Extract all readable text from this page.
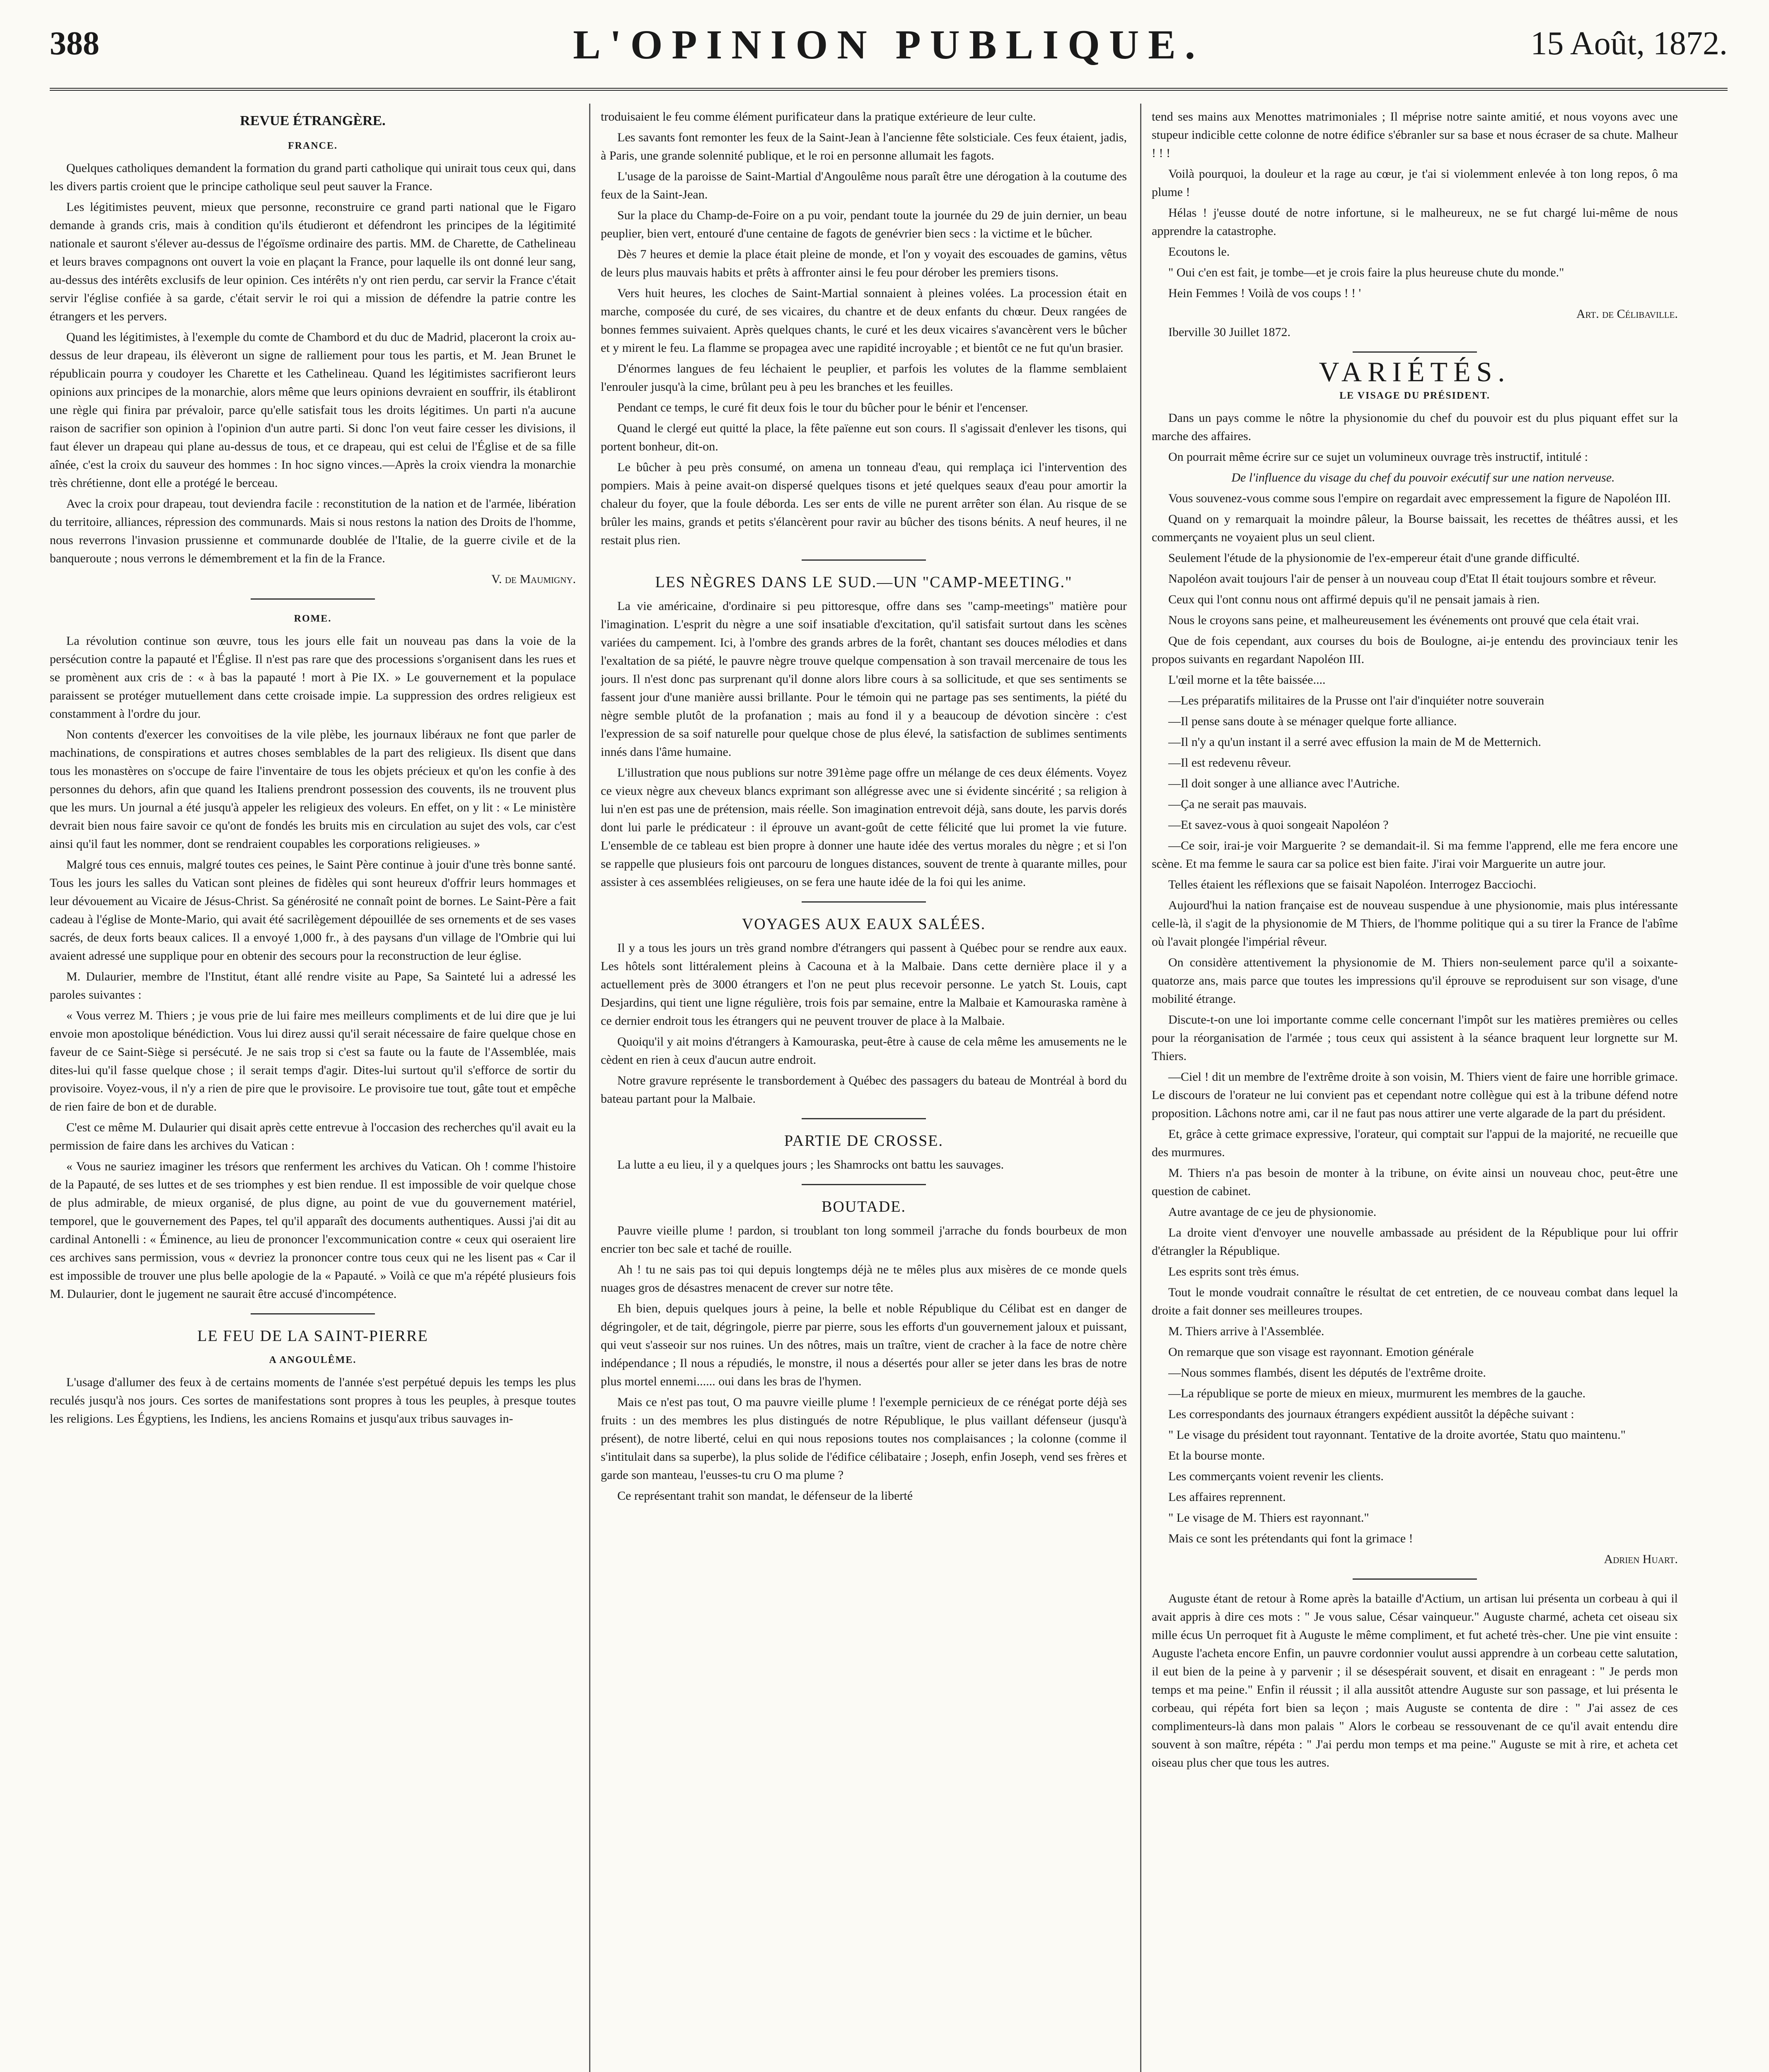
388	L'OPINION PUBLIQUE.	15 Août, 1872.
REVUE ÉTRANGÈRE.
FRANCE.

Quelques catholiques demandent la formation du grand parti catholique qui unirait tous ceux qui, dans les divers partis croient que le principe catholique seul peut sauver la France.

Les légitimistes peuvent, mieux que personne, reconstruire ce grand parti national que le Figaro demande à grands cris, mais à condition qu'ils étudieront et défendront les principes de la légitimité nationale et sauront s'élever au-dessus de l'égoïsme ordinaire des partis. MM. de Charette, de Cathelineau et leurs braves compagnons ont ouvert la voie en plaçant la France, pour laquelle ils ont donné leur sang, au-dessus des intérêts exclusifs de leur opinion. Ces intérêts n'y ont rien perdu, car servir la France c'était servir l'église confiée à sa garde, c'était servir le roi qui a mission de défendre la patrie contre les étrangers et les pervers.

Quand les légitimistes, à l'exemple du comte de Chambord et du duc de Madrid, placeront la croix au-dessus de leur drapeau, ils élèveront un signe de ralliement pour tous les partis, et M. Jean Brunet le républicain pourra y coudoyer les Charette et les Cathelineau. Quand les légitimistes sacrifieront leurs opinions aux principes de la monarchie, alors même que leurs opinions devraient en souffrir, ils établiront une règle qui finira par prévaloir, parce qu'elle satisfait tous les droits légitimes. Un parti n'a aucune raison de sacrifier son opinion à l'opinion d'un autre parti. Si donc l'on veut faire cesser les divisions, il faut élever un drapeau qui plane au-dessus de tous, et ce drapeau, qui est celui de l'Église et de sa fille aînée, c'est la croix du sauveur des hommes : In hoc signo vinces.—Après la croix viendra la monarchie très chrétienne, dont elle a protégé le berceau.

Avec la croix pour drapeau, tout deviendra facile : reconstitution de la nation et de l'armée, libération du territoire, alliances, répression des communards. Mais si nous restons la nation des Droits de l'homme, nous reverrons l'invasion prussienne et communarde doublée de l'Italie, de la guerre civile et de la banqueroute ; nous verrons le démembrement et la fin de la France.

V. de Maumigny.
ROME.

La révolution continue son œuvre, tous les jours elle fait un nouveau pas dans la voie de la persécution contre la papauté et l'Église. Il n'est pas rare que des processions s'organisent dans les rues et se promènent aux cris de : « à bas la papauté ! mort à Pie IX. » Le gouvernement et la populace paraissent se protéger mutuellement dans cette croisade impie. La suppression des ordres religieux est constamment à l'ordre du jour.

Non contents d'exercer les convoitises de la vile plèbe, les journaux libéraux ne font que parler de machinations, de conspirations et autres choses semblables de la part des religieux. Ils disent que dans tous les monastères on s'occupe de faire l'inventaire de tous les objets précieux et qu'on les confie à des personnes du dehors, afin que quand les Italiens prendront possession des couvents, ils ne trouvent plus que les murs. Un journal a été jusqu'à appeler les religieux des voleurs. En effet, on y lit : « Le ministère devrait bien nous faire savoir ce qu'ont de fondés les bruits mis en circulation au sujet des vols, car c'est ainsi qu'il faut les nommer, dont se rendraient coupables les corporations religieuses. »

Malgré tous ces ennuis, malgré toutes ces peines, le Saint Père continue à jouir d'une très bonne santé. Tous les jours les salles du Vatican sont pleines de fidèles qui sont heureux d'offrir leurs hommages et leur dévouement au Vicaire de Jésus-Christ. Sa générosité ne connaît point de bornes. Le Saint-Père a fait cadeau à l'église de Monte-Mario, qui avait été sacrilègement dépouillée de ses ornements et de ses vases sacrés, de deux forts beaux calices. Il a envoyé 1,000 fr., à des paysans d'un village de l'Ombrie qui lui avaient adressé une supplique pour en obtenir des secours pour la reconstruction de leur église.

M. Dulaurier, membre de l'Institut, étant allé rendre visite au Pape, Sa Sainteté lui a adressé les paroles suivantes :

« Vous verrez M. Thiers ; je vous prie de lui faire mes meilleurs compliments et de lui dire que je lui envoie mon apostolique bénédiction. Vous lui direz aussi qu'il serait nécessaire de faire quelque chose en faveur de ce Saint-Siège si persécuté. Je ne sais trop si c'est sa faute ou la faute de l'Assemblée, mais dites-lui qu'il fasse quelque chose ; il serait temps d'agir. Dites-lui surtout qu'il s'efforce de sortir du provisoire. Voyez-vous, il n'y a rien de pire que le provisoire. Le provisoire tue tout, gâte tout et empêche de rien faire de bon et de durable.

C'est ce même M. Dulaurier qui disait après cette entrevue à l'occasion des recherches qu'il avait eu la permission de faire dans les archives du Vatican :

« Vous ne sauriez imaginer les trésors que renferment les archives du Vatican. Oh ! comme l'histoire de la Papauté, de ses luttes et de ses triomphes y est bien rendue. Il est impossible de voir quelque chose de plus admirable, de mieux organisé, de plus digne, au point de vue du gouvernement matériel, temporel, que le gouvernement des Papes, tel qu'il apparaît des documents authentiques. Aussi j'ai dit au cardinal Antonelli : « Éminence, au lieu de prononcer l'excommunication contre « ceux qui oseraient lire ces archives sans permission, vous « devriez la prononcer contre tous ceux qui ne les lisent pas « Car il est impossible de trouver une plus belle apologie de la « Papauté. » Voilà ce que m'a répété plusieurs fois M. Dulaurier, dont le jugement ne saurait être accusé d'incompétence.

LE FEU DE LA SAINT-PIERRE
A ANGOULÊME.

L'usage d'allumer des feux à de certains moments de l'année s'est perpétué depuis les temps les plus reculés jusqu'à nos jours. Ces sortes de manifestations sont propres à tous les peuples, à presque toutes les religions. Les Égyptiens, les Indiens, les anciens Romains et jusqu'aux tribus sauvages in-

troduisaient le feu comme élément purificateur dans la pratique extérieure de leur culte.

Les savants font remonter les feux de la Saint-Jean à l'ancienne fête solsticiale. Ces feux étaient, jadis, à Paris, une grande solennité publique, et le roi en personne allumait les fagots.

L'usage de la paroisse de Saint-Martial d'Angoulême nous paraît être une dérogation à la coutume des feux de la Saint-Jean.

Sur la place du Champ-de-Foire on a pu voir, pendant toute la journée du 29 de juin dernier, un beau peuplier, bien vert, entouré d'une centaine de fagots de genévrier bien secs : la victime et le bûcher.

Dès 7 heures et demie la place était pleine de monde, et l'on y voyait des escouades de gamins, vêtus de leurs plus mauvais habits et prêts à affronter ainsi le feu pour dérober les premiers tisons.

Vers huit heures, les cloches de Saint-Martial sonnaient à pleines volées. La procession était en marche, composée du curé, de ses vicaires, du chantre et de deux enfants du chœur. Deux rangées de bonnes femmes suivaient. Après quelques chants, le curé et les deux vicaires s'avancèrent vers le bûcher et y mirent le feu. La flamme se propagea avec une rapidité incroyable ; et bientôt ce ne fut qu'un brasier.

D'énormes langues de feu léchaient le peuplier, et parfois les volutes de la flamme semblaient l'enrouler jusqu'à la cime, brûlant peu à peu les branches et les feuilles.

Pendant ce temps, le curé fit deux fois le tour du bûcher pour le bénir et l'encenser.

Quand le clergé eut quitté la place, la fête païenne eut son cours. Il s'agissait d'enlever les tisons, qui portent bonheur, dit-on.

Le bûcher à peu près consumé, on amena un tonneau d'eau, qui remplaça ici l'intervention des pompiers. Mais à peine avait-on dispersé quelques tisons et jeté quelques seaux d'eau pour amortir la chaleur du foyer, que la foule déborda. Les ser ents de ville ne purent arrêter son élan. Au risque de se brûler les mains, grands et petits s'élancèrent pour ravir au bûcher des tisons bénits. A neuf heures, il ne restait plus rien.

LES NÈGRES DANS LE SUD.—UN "CAMP-MEETING."

La vie américaine, d'ordinaire si peu pittoresque, offre dans ses "camp-meetings" matière pour l'imagination. L'esprit du nègre a une soif insatiable d'excitation, qu'il satisfait surtout dans les scènes variées du campement. Ici, à l'ombre des grands arbres de la forêt, chantant ses douces mélodies et dans l'exaltation de sa piété, le pauvre nègre trouve quelque compensation à son travail mercenaire de tous les jours. Il n'est donc pas surprenant qu'il donne alors libre cours à sa sollicitude, et que ses sentiments se fassent jour d'une manière aussi brillante. Pour le témoin qui ne partage pas ses sentiments, la piété du nègre semble plutôt de la profanation ; mais au fond il y a beaucoup de dévotion sincère : c'est l'expression de sa soif naturelle pour quelque chose de plus élevé, la satisfaction de sublimes sentiments innés dans l'âme humaine.

L'illustration que nous publions sur notre 391ème page offre un mélange de ces deux éléments. Voyez ce vieux nègre aux cheveux blancs exprimant son allégresse avec une si évidente sincérité ; sa religion à lui n'en est pas une de prétension, mais réelle. Son imagination entrevoit déjà, sans doute, les parvis dorés dont lui parle le prédicateur : il éprouve un avant-goût de cette félicité que lui promet la vie future. L'ensemble de ce tableau est bien propre à donner une haute idée des vertus morales du nègre ; et si l'on se rappelle que plusieurs fois ont parcouru de longues distances, souvent de trente à quarante milles, pour assister à ces assemblées religieuses, on se fera une haute idée de la foi qui les anime.

VOYAGES AUX EAUX SALÉES.

Il y a tous les jours un très grand nombre d'étrangers qui passent à Québec pour se rendre aux eaux. Les hôtels sont littéralement pleins à Cacouna et à la Malbaie. Dans cette dernière place il y a actuellement près de 3000 étrangers et l'on ne peut plus recevoir personne. Le yatch St. Louis, capt Desjardins, qui tient une ligne régulière, trois fois par semaine, entre la Malbaie et Kamouraska ramène à ce dernier endroit tous les étrangers qui ne peuvent trouver de place à la Malbaie.

Quoiqu'il y ait moins d'étrangers à Kamouraska, peut-être à cause de cela même les amusements ne le cèdent en rien à ceux d'aucun autre endroit.

Notre gravure représente le transbordement à Québec des passagers du bateau de Montréal à bord du bateau partant pour la Malbaie.

PARTIE DE CROSSE.

La lutte a eu lieu, il y a quelques jours ; les Shamrocks ont battu les sauvages.

BOUTADE.

Pauvre vieille plume ! pardon, si troublant ton long sommeil j'arrache du fonds bourbeux de mon encrier ton bec sale et taché de rouille.

Ah ! tu ne sais pas toi qui depuis longtemps déjà ne te mêles plus aux misères de ce monde quels nuages gros de désastres menacent de crever sur notre tête.

Eh bien, depuis quelques jours à peine, la belle et noble République du Célibat est en danger de dégringoler, et de tait, dégringole, pierre par pierre, sous les efforts d'un gouvernement jaloux et puissant, qui veut s'asseoir sur nos ruines. Un des nôtres, mais un traître, vient de cracher à la face de notre chère indépendance ; Il nous a répudiés, le monstre, il nous a désertés pour aller se jeter dans les bras de notre plus mortel ennemi...... oui dans les bras de l'hymen.

Mais ce n'est pas tout, O ma pauvre vieille plume ! l'exemple pernicieux de ce rénégat porte déjà ses fruits : un des membres les plus distingués de notre République, le plus vaillant défenseur (jusqu'à présent), de notre liberté, celui en qui nous reposions toutes nos complaisances ; la colonne (comme il s'intitulait dans sa superbe), la plus solide de l'édifice célibataire ; Joseph, enfin Joseph, vend ses frères et garde son manteau, l'eusses-tu cru O ma plume ?

Ce représentant trahit son mandat, le défenseur de la liberté

tend ses mains aux Menottes matrimoniales ; Il méprise notre sainte amitié, et nous voyons avec une stupeur indicible cette colonne de notre édifice s'ébranler sur sa base et nous écraser de sa chute. Malheur ! ! !

Voilà pourquoi, la douleur et la rage au cœur, je t'ai si violemment enlevée à ton long repos, ô ma plume !

Hélas ! j'eusse douté de notre infortune, si le malheureux, ne se fut chargé lui-même de nous apprendre la catastrophe.

Ecoutons le.

" Oui c'en est fait, je tombe—et je crois faire la plus heureuse chute du monde."

Hein Femmes ! Voilà de vos coups ! ! '

Art. de Célibaville.

Iberville 30 Juillet 1872.

VARIÉTÉS.
LE VISAGE DU PRÉSIDENT.

Dans un pays comme le nôtre la physionomie du chef du pouvoir est du plus piquant effet sur la marche des affaires.

On pourrait même écrire sur ce sujet un volumineux ouvrage très instructif, intitulé :

De l'influence du visage du chef du pouvoir exécutif sur une nation nerveuse.

Vous souvenez-vous comme sous l'empire on regardait avec empressement la figure de Napoléon III.

Quand on y remarquait la moindre pâleur, la Bourse baissait, les recettes de théâtres aussi, et les commerçants ne voyaient plus un seul client.

Seulement l'étude de la physionomie de l'ex-empereur était d'une grande difficulté.

Napoléon avait toujours l'air de penser à un nouveau coup d'Etat Il était toujours sombre et rêveur.

Ceux qui l'ont connu nous ont affirmé depuis qu'il ne pensait jamais à rien.

Nous le croyons sans peine, et malheureusement les événements ont prouvé que cela était vrai.

Que de fois cependant, aux courses du bois de Boulogne, ai-je entendu des provinciaux tenir les propos suivants en regardant Napoléon III.

L'œil morne et la tête baissée....

—Les préparatifs militaires de la Prusse ont l'air d'inquiéter notre souverain

—Il pense sans doute à se ménager quelque forte alliance.

—Il n'y a qu'un instant il a serré avec effusion la main de M de Metternich.

—Il est redevenu rêveur.

—Il doit songer à une alliance avec l'Autriche.

—Ça ne serait pas mauvais.

—Et savez-vous à quoi songeait Napoléon ?

—Ce soir, irai-je voir Marguerite ? se demandait-il. Si ma femme l'apprend, elle me fera encore une scène. Et ma femme le saura car sa police est bien faite. J'irai voir Marguerite un autre jour.

Telles étaient les réflexions que se faisait Napoléon. Interrogez Bacciochi.

Aujourd'hui la nation française est de nouveau suspendue à une physionomie, mais plus intéressante celle-là, il s'agit de la physionomie de M Thiers, de l'homme politique qui a su tirer la France de l'abîme où l'avait plongée l'impérial rêveur.

On considère attentivement la physionomie de M. Thiers non-seulement parce qu'il a soixante-quatorze ans, mais parce que toutes les impressions qu'il éprouve se reproduisent sur son visage, d'une mobilité étrange.

Discute-t-on une loi importante comme celle concernant l'impôt sur les matières premières ou celles pour la réorganisation de l'armée ; tous ceux qui assistent à la séance braquent leur lorgnette sur M. Thiers.

—Ciel ! dit un membre de l'extrême droite à son voisin, M. Thiers vient de faire une horrible grimace. Le discours de l'orateur ne lui convient pas et cependant notre collègue qui est à la tribune défend notre proposition. Lâchons notre ami, car il ne faut pas nous attirer une verte algarade de la part du président.

Et, grâce à cette grimace expressive, l'orateur, qui comptait sur l'appui de la majorité, ne recueille que des murmures.

M. Thiers n'a pas besoin de monter à la tribune, on évite ainsi un nouveau choc, peut-être une question de cabinet.

Autre avantage de ce jeu de physionomie.

La droite vient d'envoyer une nouvelle ambassade au président de la République pour lui offrir d'étrangler la République.

Les esprits sont très émus.

Tout le monde voudrait connaître le résultat de cet entretien, de ce nouveau combat dans lequel la droite a fait donner ses meilleures troupes.

M. Thiers arrive à l'Assemblée.

On remarque que son visage est rayonnant. Emotion générale

—Nous sommes flambés, disent les députés de l'extrême droite.

—La république se porte de mieux en mieux, murmurent les membres de la gauche.

Les correspondants des journaux étrangers expédient aussitôt la dépêche suivant :

" Le visage du président tout rayonnant. Tentative de la droite avortée, Statu quo maintenu."

Et la bourse monte.

Les commerçants voient revenir les clients.

Les affaires reprennent.

" Le visage de M. Thiers est rayonnant."

Mais ce sont les prétendants qui font la grimace !

Adrien Huart.

Auguste étant de retour à Rome après la bataille d'Actium, un artisan lui présenta un corbeau à qui il avait appris à dire ces mots : " Je vous salue, César vainqueur." Auguste charmé, acheta cet oiseau six mille écus Un perroquet fit à Auguste le même compliment, et fut acheté très-cher. Une pie vint ensuite : Auguste l'acheta encore Enfin, un pauvre cordonnier voulut aussi apprendre à un corbeau cette salutation, il eut bien de la peine à y parvenir ; il se désespérait souvent, et disait en enrageant : " Je perds mon temps et ma peine." Enfin il réussit ; il alla aussitôt attendre Auguste sur son passage, et lui présenta le corbeau, qui répéta fort bien sa leçon ; mais Auguste se contenta de dire : " J'ai assez de ces complimenteurs-là dans mon palais " Alors le corbeau se ressouvenant de ce qu'il avait entendu dire souvent à son maître, répéta : " J'ai perdu mon temps et ma peine." Auguste se mit à rire, et acheta cet oiseau plus cher que tous les autres.
